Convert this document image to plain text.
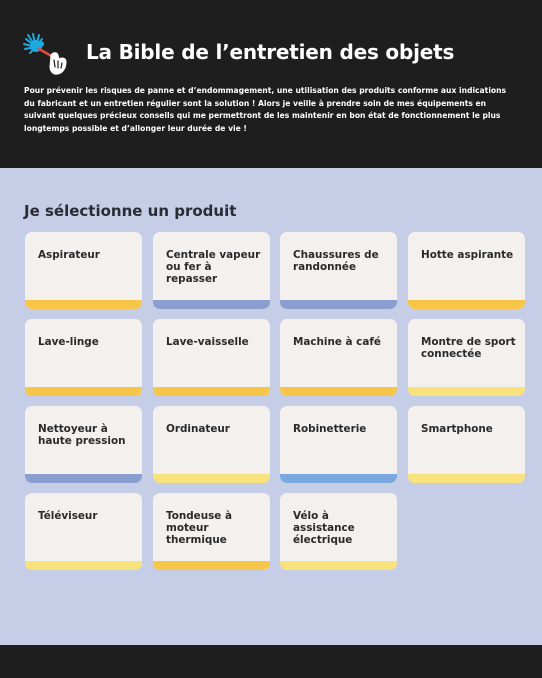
La Bible de l’entretien des objets

Pour prévenir les risques de panne et d’endommagement, une utilisation des produits conforme aux indications du fabricant et un entretien régulier sont la solution ! Alors je veille à prendre soin de mes équipements en suivant quelques précieux conseils qui me permettront de les maintenir en bon état de fonctionnement le plus longtemps possible et d’allonger leur durée de vie !

Je sélectionne un produit
Aspirateur	Centrale vapeur ou fer à repasser
Chaussures de randonnée
Hotte aspirante
Lave-linge	Lave-vaisselle	Machine à café	Montre de sport connectée
Nettoyeur à haute pression
Ordinateur	Robinetterie	Smartphone
Téléviseur	Tondeuse à moteur thermique
Vélo à assistance électrique
